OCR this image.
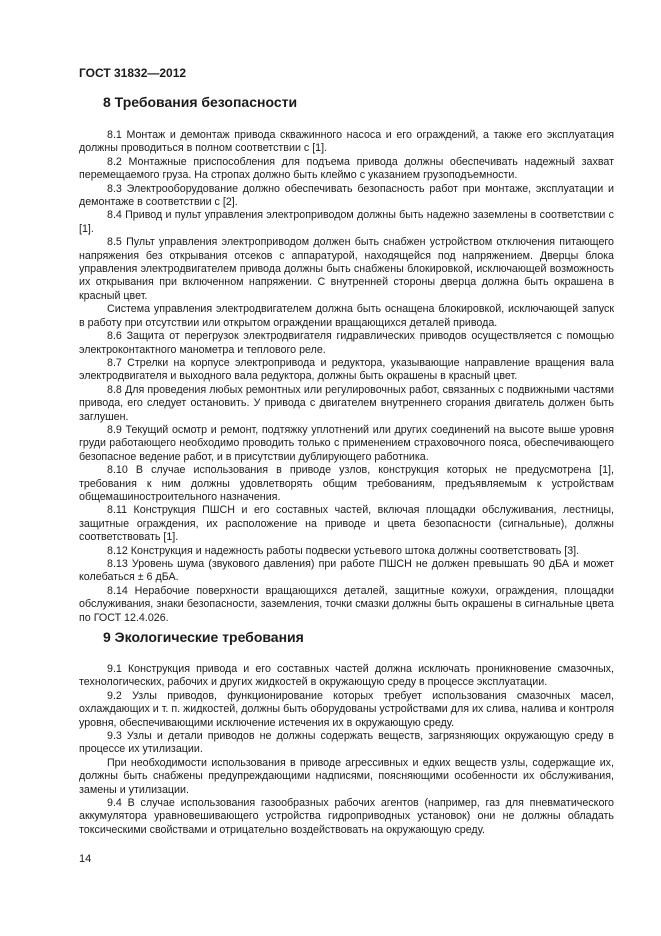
ГОСТ 31832—2012
8 Требования безопасности

8.1 Монтаж и демонтаж привода скважинного насоса и его ограждений, а также его эксплуатация должны проводиться в полном соответствии с [1].

8.2 Монтажные приспособления для подъема привода должны обеспечивать надежный захват перемещаемого груза. На стропах должно быть клеймо с указанием грузоподъемности.

8.3 Электрооборудование должно обеспечивать безопасность работ при монтаже, эксплуатации и демонтаже в соответствии с [2].

8.4 Привод и пульт управления электроприводом должны быть надежно заземлены в соответствии с [1].

8.5 Пульт управления электроприводом должен быть снабжен устройством отключения питающего напряжения без открывания отсеков с аппаратурой, находящейся под напряжением. Дверцы блока управления электродвигателем привода должны быть снабжены блокировкой, исключающей возможность их открывания при включенном напряжении. С внутренней стороны дверца должна быть окрашена в красный цвет.

Система управления электродвигателем должна быть оснащена блокировкой, исключающей запуск в работу при отсутствии или открытом ограждении вращающихся деталей привода.

8.6 Защита от перегрузок электродвигателя гидравлических приводов осуществляется с помощью электроконтактного манометра и теплового реле.

8.7 Стрелки на корпусе электропривода и редуктора, указывающие направление вращения вала электродвигателя и выходного вала редуктора, должны быть окрашены в красный цвет.

8.8 Для проведения любых ремонтных или регулировочных работ, связанных с подвижными частями привода, его следует остановить. У привода с двигателем внутреннего сгорания двигатель должен быть заглушен.

8.9 Текущий осмотр и ремонт, подтяжку уплотнений или других соединений на высоте выше уровня груди работающего необходимо проводить только с применением страховочного пояса, обеспечивающего безопасное ведение работ, и в присутствии дублирующего работника.

8.10 В случае использования в приводе узлов, конструкция которых не предусмотрена [1], требования к ним должны удовлетворять общим требованиям, предъявляемым к устройствам общемашиностроительного назначения.

8.11 Конструкция ПШСН и его составных частей, включая площадки обслуживания, лестницы, защитные ограждения, их расположение на приводе и цвета безопасности (сигнальные), должны соответствовать [1].

8.12 Конструкция и надежность работы подвески устьевого штока должны соответствовать [3].

8.13 Уровень шума (звукового давления) при работе ПШСН не должен превышать 90 дБА и может колебаться ± 6 дБА.

8.14 Нерабочие поверхности вращающихся деталей, защитные кожухи, ограждения, площадки обслуживания, знаки безопасности, заземления, точки смазки должны быть окрашены в сигнальные цвета по ГОСТ 12.4.026.

9 Экологические требования

9.1 Конструкция привода и его составных частей должна исключать проникновение смазочных, технологических, рабочих и других жидкостей в окружающую среду в процессе эксплуатации.

9.2 Узлы приводов, функционирование которых требует использования смазочных масел, охлаждающих и т. п. жидкостей, должны быть оборудованы устройствами для их слива, налива и контроля уровня, обеспечивающими исключение истечения их в окружающую среду.

9.3 Узлы и детали приводов не должны содержать веществ, загрязняющих окружающую среду в процессе их утилизации.

При необходимости использования в приводе агрессивных и едких веществ узлы, содержащие их, должны быть снабжены предупреждающими надписями, поясняющими особенности их обслуживания, замены и утилизации.

9.4 В случае использования газообразных рабочих агентов (например, газ для пневматического аккумулятора уравновешивающего устройства гидроприводных установок) они не должны обладать токсическими свойствами и отрицательно воздействовать на окружающую среду.

14
